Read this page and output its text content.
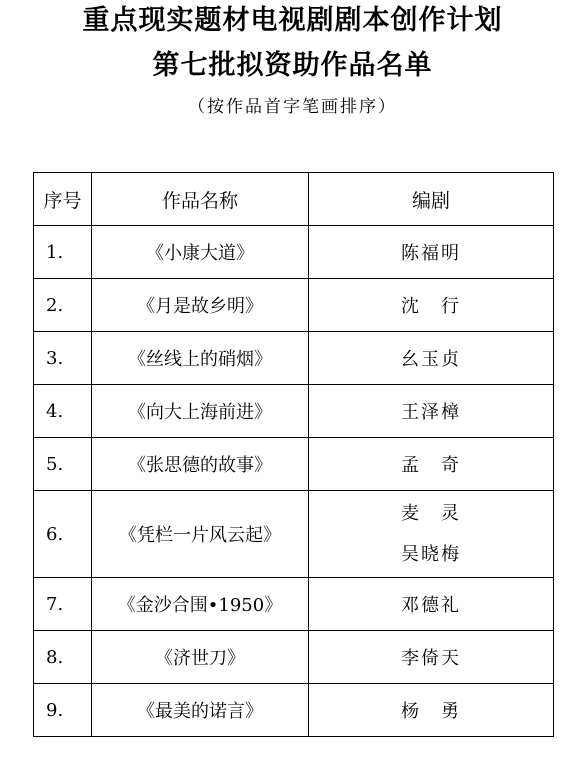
重点现实题材电视剧剧本创作计划
第七批拟资助作品名单
（按作品首字笔画排序）
序号	作品名称	编剧
1.	《小康大道》	陈福明
2.	《月是故乡明》	沈　行
3.	《丝线上的硝烟》	幺玉贞
4.	《向大上海前进》	王泽樟
5.	《张思德的故事》	孟　奇
6.	《凭栏一片风云起》	麦　灵
吴晓梅

7.	《金沙合围•1950》	邓德礼
8.	《济世刀》	李倚天
9.	《最美的诺言》	杨　勇
